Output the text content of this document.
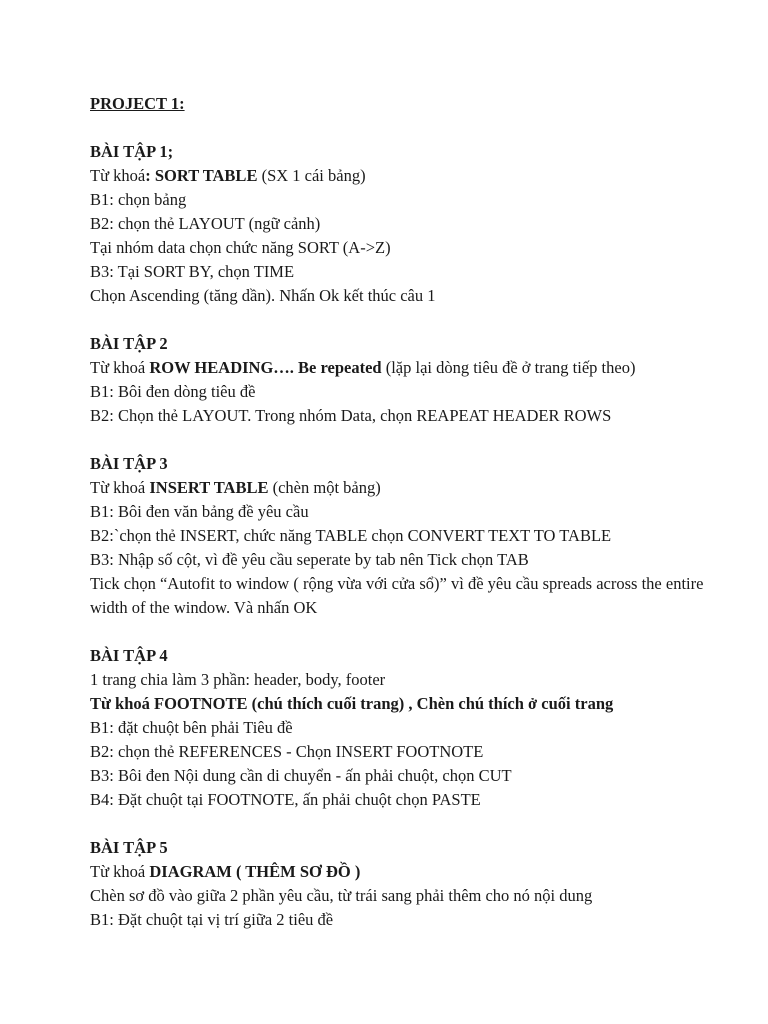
PROJECT 1:
BÀI TẬP 1;
Từ khoá: SORT TABLE (SX 1 cái bảng)
B1: chọn bảng
B2: chọn thẻ LAYOUT (ngữ cảnh)
Tại nhóm data chọn chức năng SORT (A->Z)
B3: Tại SORT BY, chọn TIME
Chọn Ascending (tăng dần). Nhấn Ok kết thúc câu 1
BÀI TẬP 2
Từ khoá ROW HEADING…. Be repeated (lặp lại dòng tiêu đề ở trang tiếp theo)
B1: Bôi đen dòng tiêu đề
B2: Chọn thẻ LAYOUT. Trong nhóm Data, chọn REAPEAT HEADER ROWS
BÀI TẬP 3
Từ khoá INSERT TABLE (chèn một bảng)
B1: Bôi đen văn bảng đề yêu cầu
B2:`chọn thẻ INSERT, chức năng TABLE chọn CONVERT TEXT TO TABLE
B3: Nhập số cột, vì đề yêu cầu seperate by tab nên Tick chọn TAB
Tick chọn “Autofit to window ( rộng vừa với cửa sổ)” vì đề yêu cầu spreads across the entire width of the window. Và nhấn OK
BÀI TẬP 4
1 trang chia làm 3 phần: header, body, footer
Từ khoá FOOTNOTE (chú thích cuối trang) , Chèn chú thích ở cuối trang
B1: đặt chuột bên phải Tiêu đề
B2: chọn thẻ REFERENCES - Chọn INSERT FOOTNOTE
B3: Bôi đen Nội dung cần di chuyển - ấn phải chuột, chọn CUT
B4: Đặt chuột tại FOOTNOTE, ấn phải chuột chọn PASTE
BÀI TẬP 5
Từ khoá DIAGRAM ( THÊM SƠ ĐỒ )
Chèn sơ đồ vào giữa 2 phần yêu cầu, từ trái sang phải thêm cho nó nội dung
B1: Đặt chuột tại vị trí giữa 2 tiêu đề
